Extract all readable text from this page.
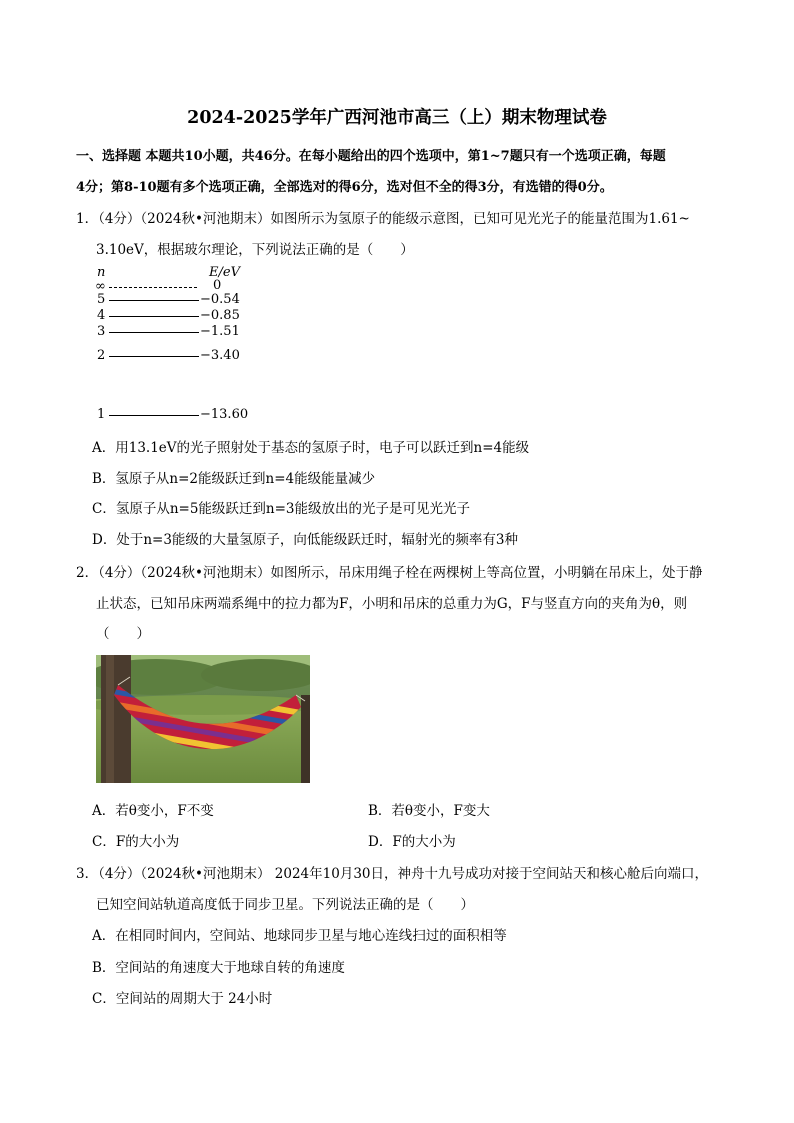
2024-2025学年广西河池市高三（上）期末物理试卷
一、选择题 本题共10小题，共46分。在每小题给出的四个选项中，第1~7题只有一个选项正确，每题
4分；第8-10题有多个选项正确，全部选对的得6分，选对但不全的得3分，有选错的得0分。
1．（4分）（2024秋•河池期末）如图所示为氢原子的能级示意图，已知可见光光子的能量范围为1.61~
3.10eV，根据玻尔理论，下列说法正确的是（　　）
n	E/eV
∞	0
5	−0.54
4	−0.85
3	−1.51
2	−3.40
1	−13.60
A．用13.1eV的光子照射处于基态的氢原子时，电子可以跃迁到n=4能级
B．氢原子从n=2能级跃迁到n=4能级能量减少
C．氢原子从n=5能级跃迁到n=3能级放出的光子是可见光光子
D．处于n=3能级的大量氢原子，向低能级跃迁时，辐射光的频率有3种
2．（4分）（2024秋•河池期末）如图所示，吊床用绳子栓在两棵树上等高位置，小明躺在吊床上，处于静
止状态，已知吊床两端系绳中的拉力都为F，小明和吊床的总重力为G，F与竖直方向的夹角为θ，则
（　　）
A．若θ变小，F不变	B．若θ变小，F变大
C．F的大小为	D．F的大小为
3．（4分）（2024秋•河池期末） 2024年10月30日，神舟十九号成功对接于空间站天和核心舱后向端口，
已知空间站轨道高度低于同步卫星。下列说法正确的是（　　）
A．在相同时间内，空间站、地球同步卫星与地心连线扫过的面积相等
B．空间站的角速度大于地球自转的角速度
C．空间站的周期大于 24小时
